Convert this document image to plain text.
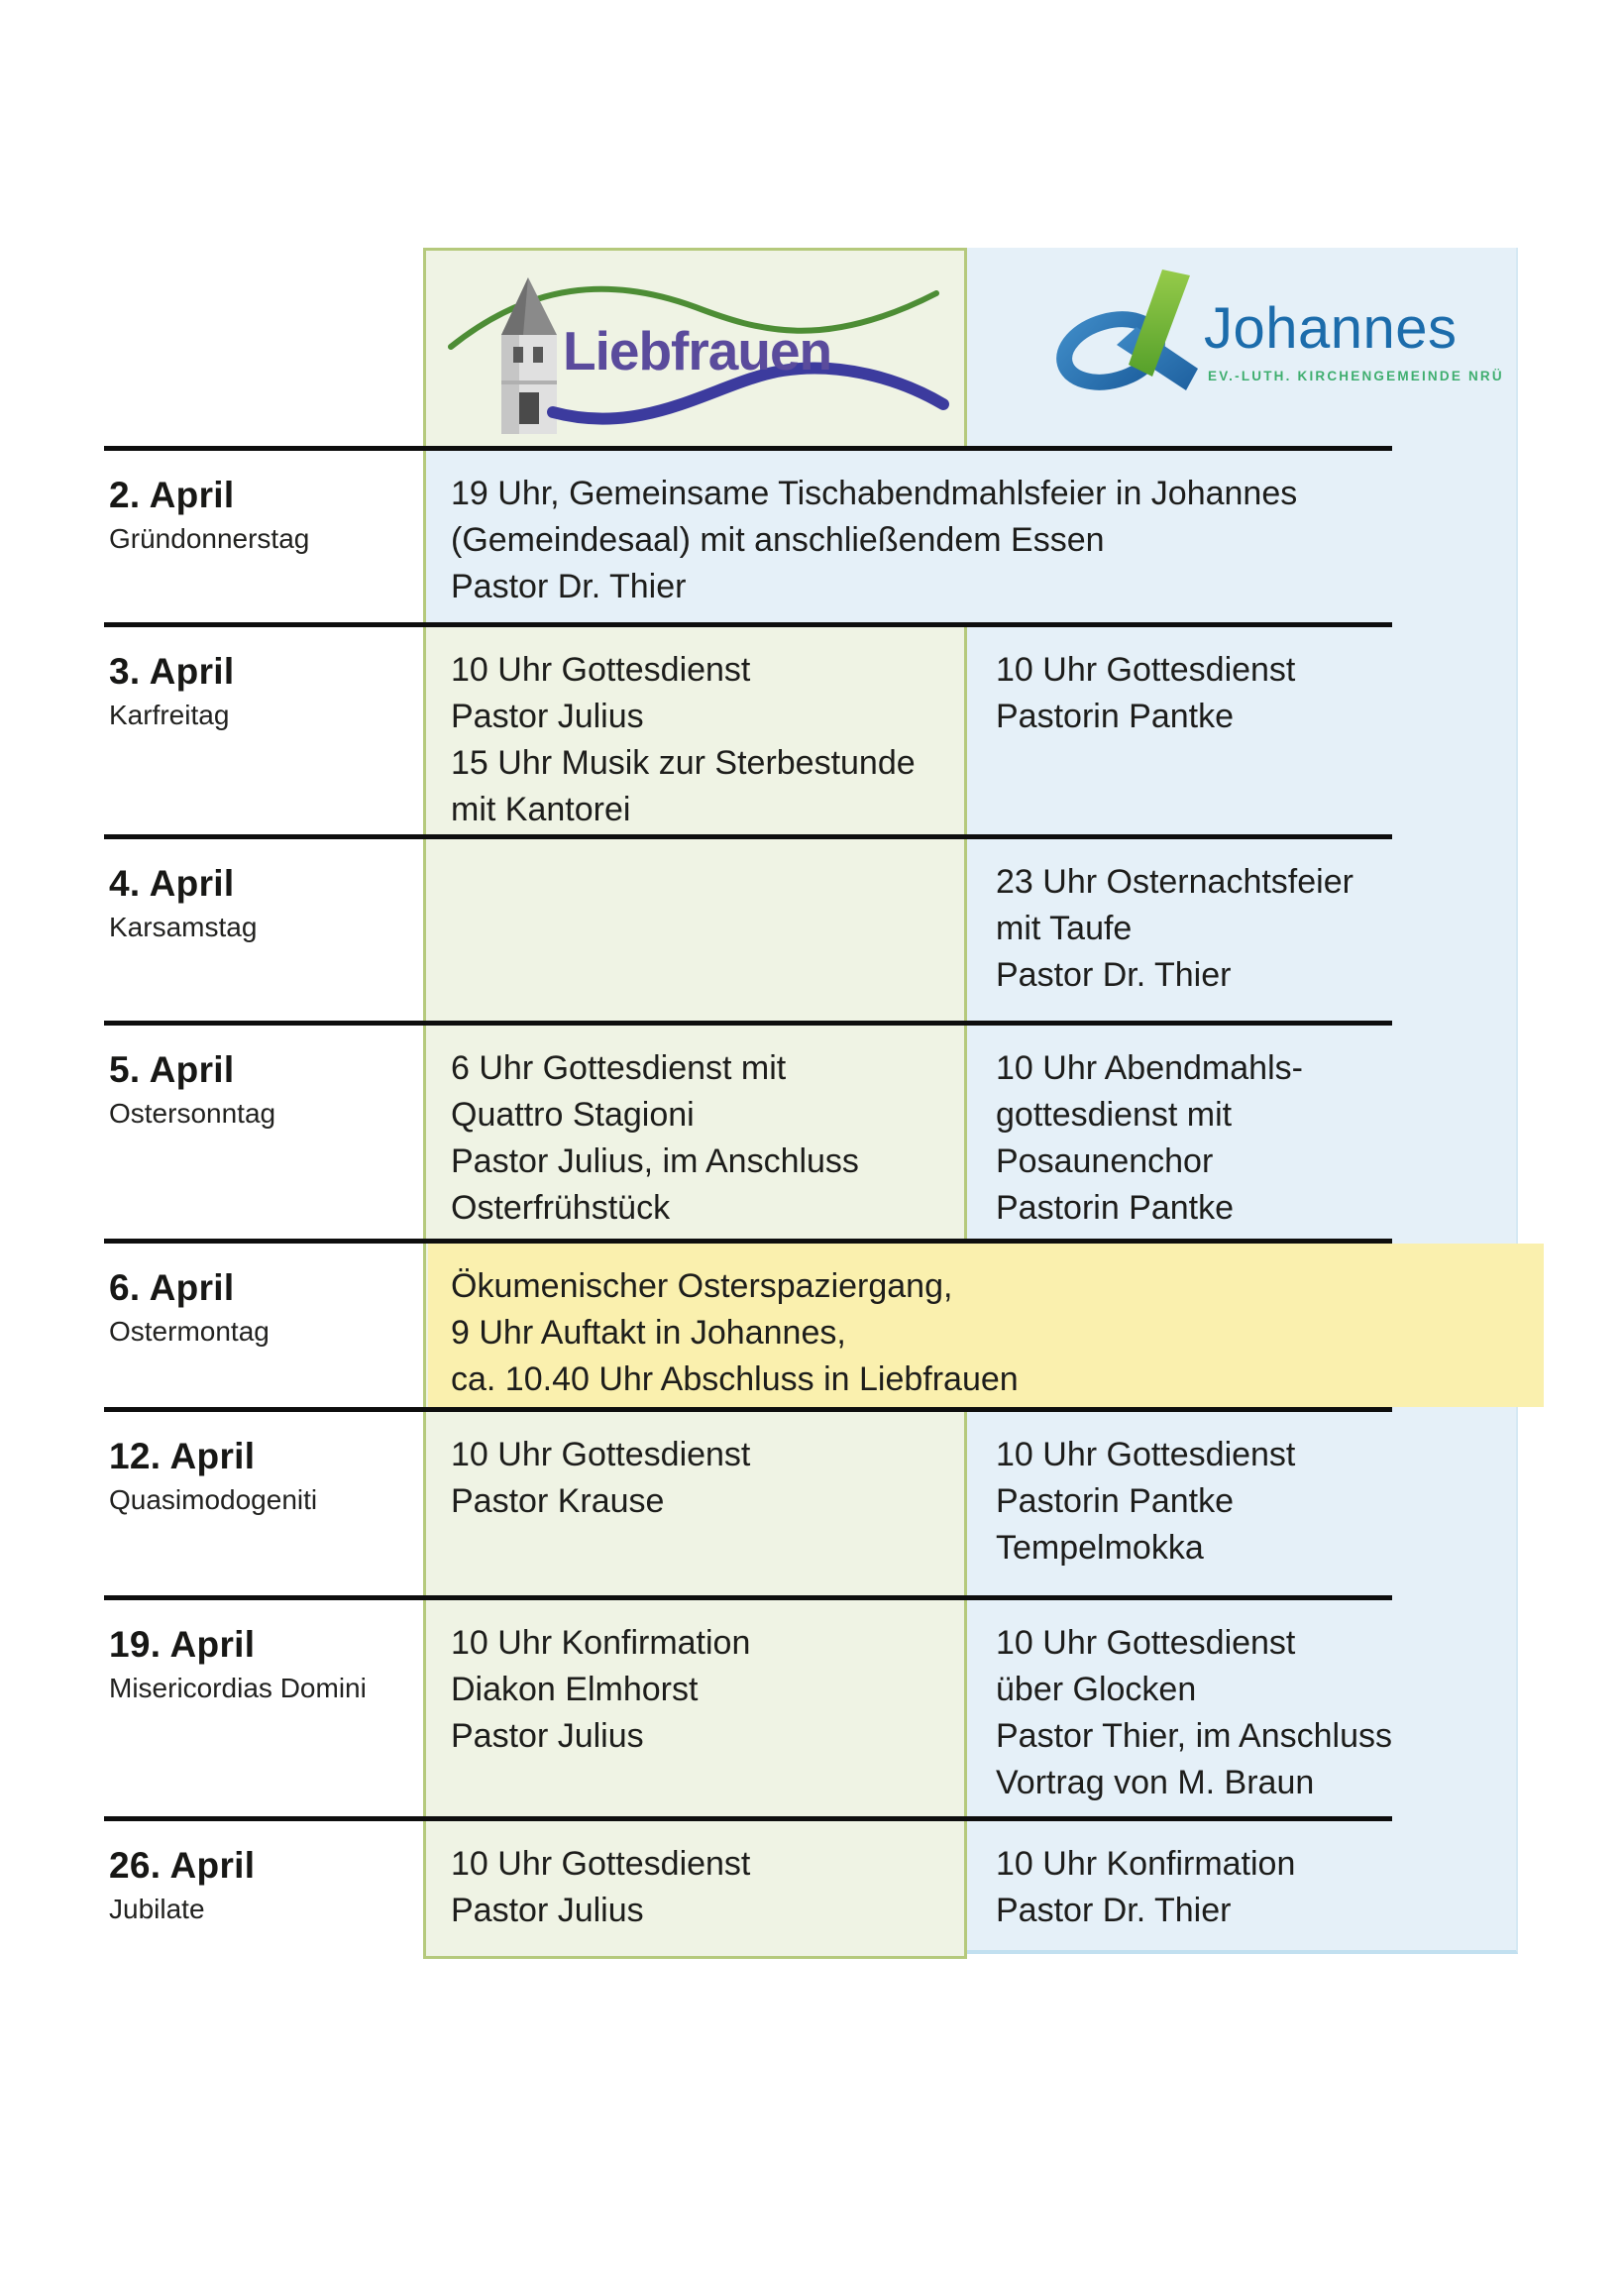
Liebfrauen	Johannes
EV.-LUTH. KIRCHENGEMEINDE NRÜ
2. April
Gründonnerstag
19 Uhr, Gemeinsame Tischabendmahlsfeier in Johannes
(Gemeindesaal) mit anschließendem Essen
Pastor Dr. Thier
3. April
Karfreitag
10 Uhr Gottesdienst
Pastor Julius
15 Uhr Musik zur Sterbestunde
mit Kantorei
10 Uhr Gottesdienst
Pastorin Pantke
4. April
Karsamstag
23 Uhr Osternachtsfeier
mit Taufe
Pastor Dr. Thier
5. April
Ostersonntag
6 Uhr Gottesdienst mit
Quattro Stagioni
Pastor Julius, im Anschluss
Osterfrühstück
10 Uhr Abendmahls-
gottesdienst mit
Posaunenchor
Pastorin Pantke
6. April
Ostermontag
Ökumenischer Osterspaziergang,
9 Uhr Auftakt in Johannes,
ca. 10.40 Uhr Abschluss in Liebfrauen
12. April
Quasimodogeniti
10 Uhr Gottesdienst
Pastor Krause
10 Uhr Gottesdienst
Pastorin Pantke
Tempelmokka
19. April
Misericordias Domini
10 Uhr Konfirmation
Diakon Elmhorst
Pastor Julius
10 Uhr Gottesdienst
über Glocken
Pastor Thier, im Anschluss
Vortrag von M. Braun
26. April
Jubilate
10 Uhr Gottesdienst
Pastor Julius
10 Uhr Konfirmation
Pastor Dr. Thier
